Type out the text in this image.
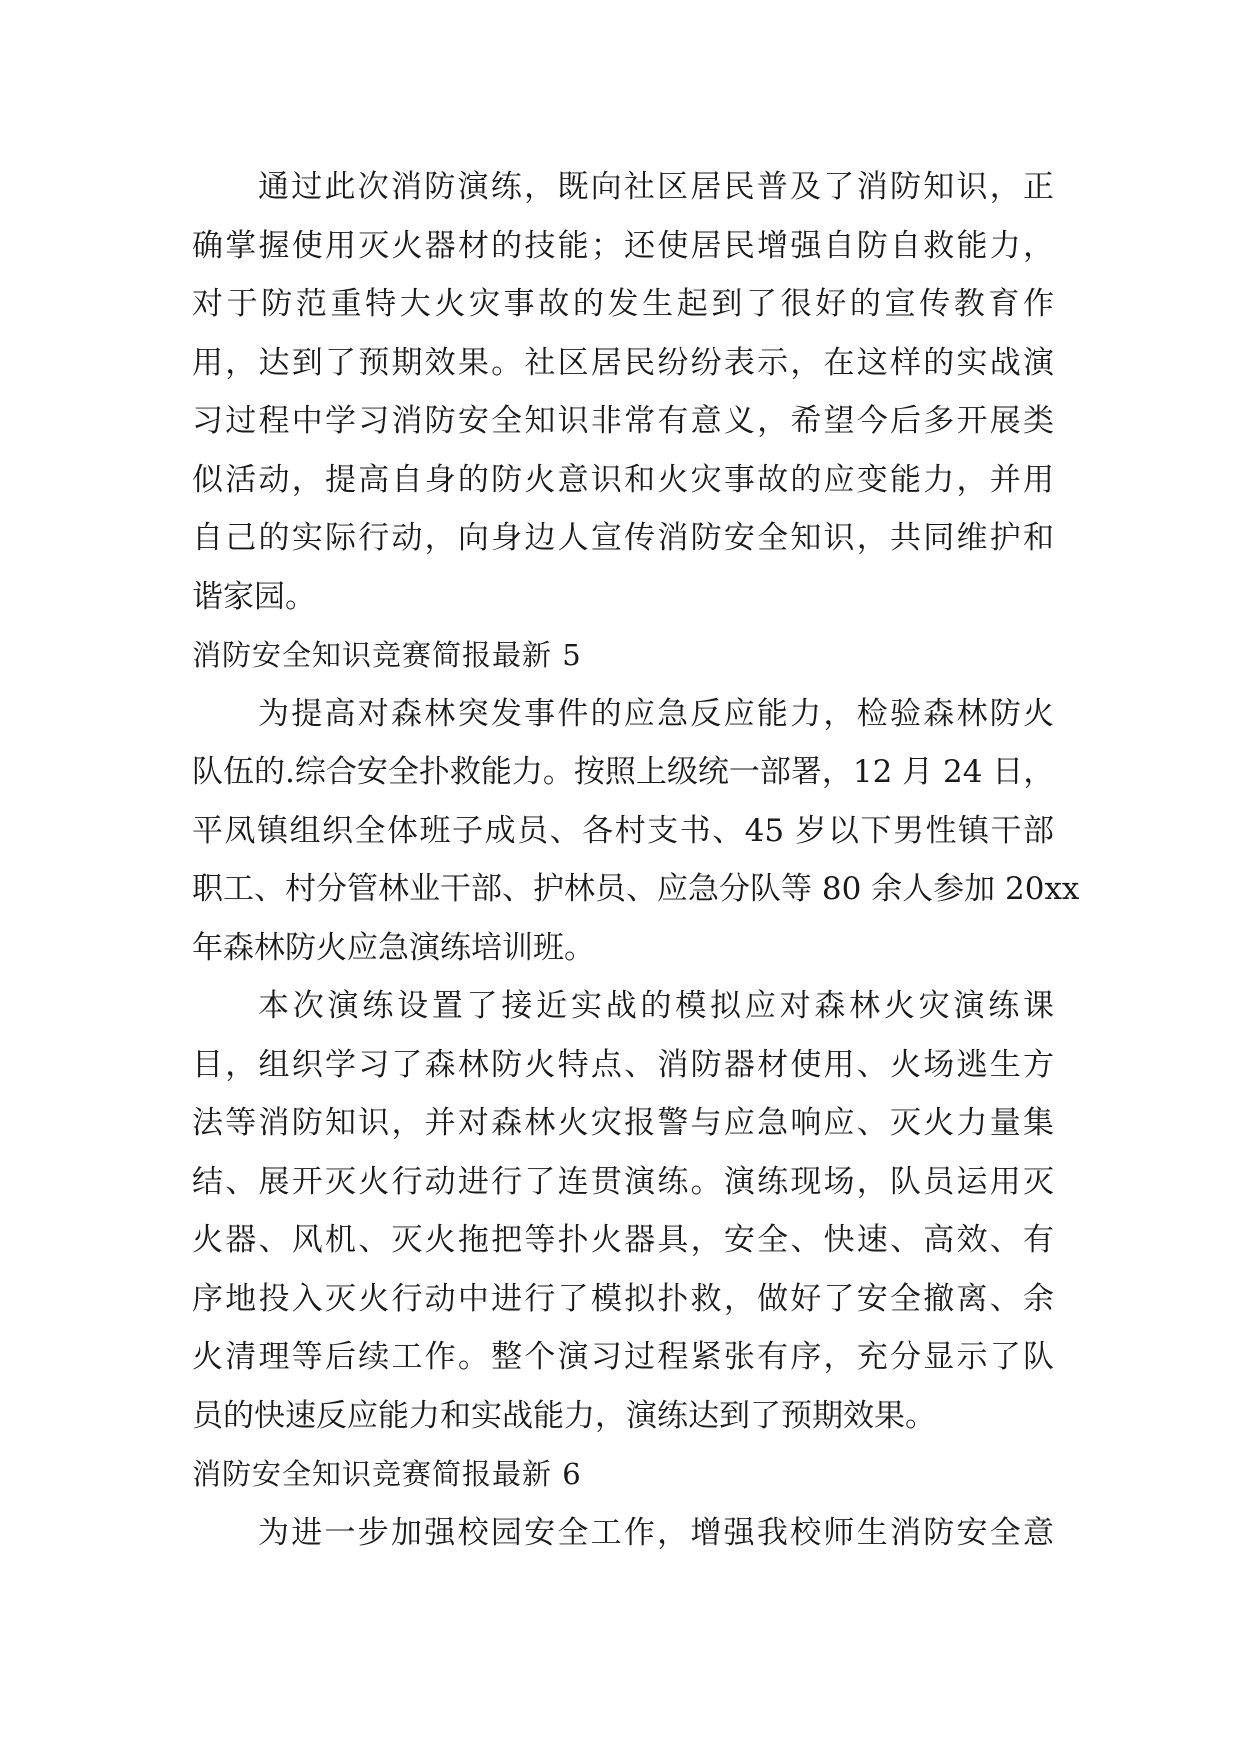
通过此次消防演练，既向社区居民普及了消防知识，正
确掌握使用灭火器材的技能；还使居民增强自防自救能力，
对于防范重特大火灾事故的发生起到了很好的宣传教育作
用，达到了预期效果。社区居民纷纷表示，在这样的实战演
习过程中学习消防安全知识非常有意义，希望今后多开展类
似活动，提高自身的防火意识和火灾事故的应变能力，并用
自己的实际行动，向身边人宣传消防安全知识，共同维护和
谐家园。
消防安全知识竞赛简报最新 5
为提高对森林突发事件的应急反应能力，检验森林防火
队伍的.综合安全扑救能力。按照上级统一部署，12 月 24 日，
平凤镇组织全体班子成员、各村支书、45 岁以下男性镇干部
职工、村分管林业干部、护林员、应急分队等 80 余人参加 20xx
年森林防火应急演练培训班。
本次演练设置了接近实战的模拟应对森林火灾演练课
目，组织学习了森林防火特点、消防器材使用、火场逃生方
法等消防知识，并对森林火灾报警与应急响应、灭火力量集
结、展开灭火行动进行了连贯演练。演练现场，队员运用灭
火器、风机、灭火拖把等扑火器具，安全、快速、高效、有
序地投入灭火行动中进行了模拟扑救，做好了安全撤离、余
火清理等后续工作。整个演习过程紧张有序，充分显示了队
员的快速反应能力和实战能力，演练达到了预期效果。
消防安全知识竞赛简报最新 6
为进一步加强校园安全工作，增强我校师生消防安全意
